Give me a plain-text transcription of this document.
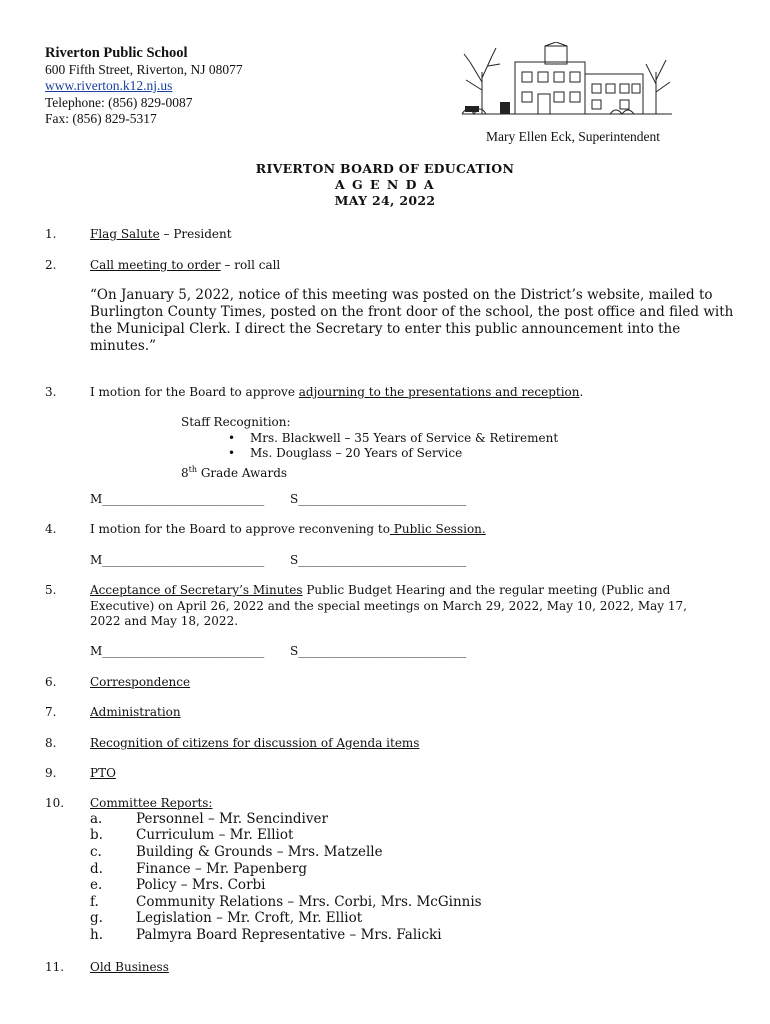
Riverton Public School
600 Fifth Street, Riverton, NJ 08077
www.riverton.k12.nj.us
Telephone: (856) 829-0087
Fax: (856) 829-5317
Mary Ellen Eck, Superintendent
RIVERTON BOARD OF EDUCATION
A G E N D A
MAY 24, 2022
1.	Flag Salute – President
2.	Call meeting to order – roll call
“On January 5, 2022, notice of this meeting was posted on the District’s website, mailed to Burlington County Times, posted on the front door of the school, the post office and filed with the Municipal Clerk. I direct the Secretary to enter this public announcement into the minutes.”
3.	I motion for the Board to approve adjourning to the presentations and reception.
Staff Recognition:
• Mrs. Blackwell – 35 Years of Service & Retirement
• Ms. Douglass – 20 Years of Service
8th Grade Awards
M___________________________ S____________________________
4.	I motion for the Board to approve reconvening to Public Session.
M___________________________ S____________________________
5.	Acceptance of Secretary’s Minutes Public Budget Hearing and the regular meeting (Public and Executive) on April 26, 2022 and the special meetings on March 29, 2022, May 10, 2022, May 17, 2022 and May 18, 2022.
M___________________________ S____________________________
6.	Correspondence
7.	Administration
8.	Recognition of citizens for discussion of Agenda items
9.	PTO
10. Committee Reports:
a. Personnel – Mr. Sencindiver
b. Curriculum – Mr. Elliot
c.	Building & Grounds – Mrs. Matzelle
d. Finance – Mr. Papenberg
e. Policy – Mrs. Corbi
f.	Community Relations – Mrs. Corbi, Mrs. McGinnis
g. Legislation – Mr. Croft, Mr. Elliot
h. Palmyra Board Representative – Mrs. Falicki
11. Old Business
